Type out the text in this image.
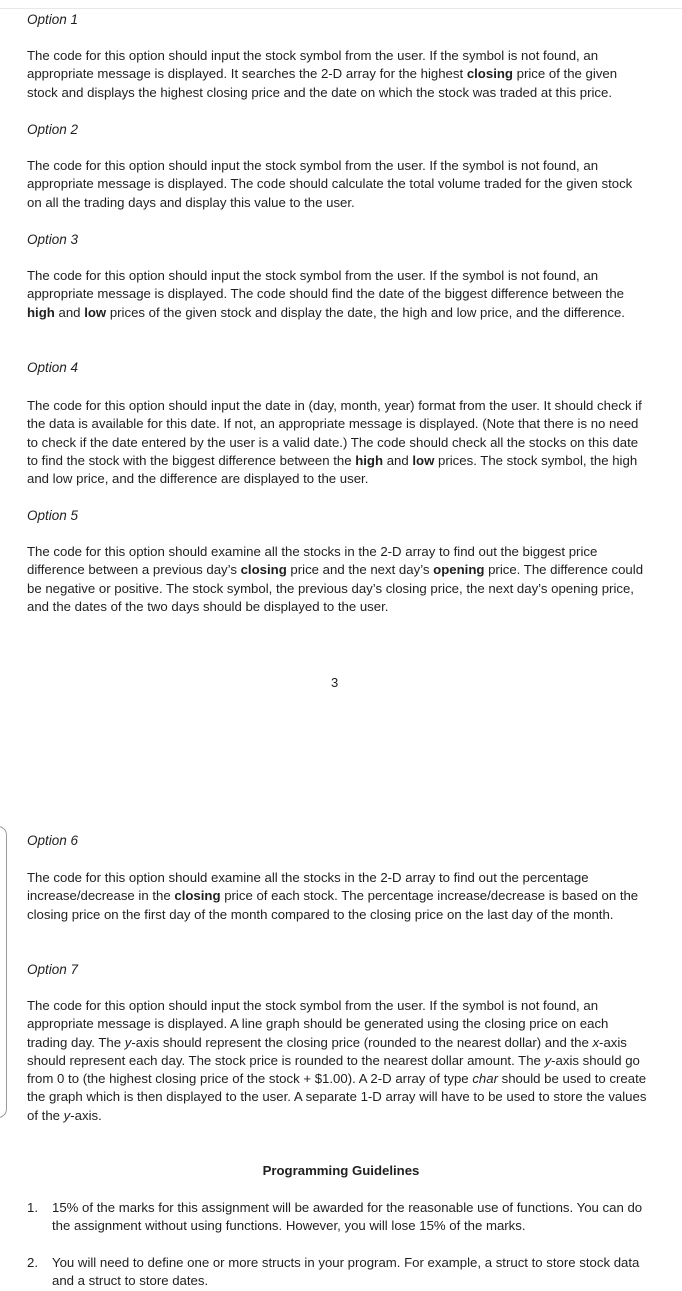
Option 1

The code for this option should input the stock symbol from the user. If the symbol is not found, an appropriate message is displayed. It searches the 2-D array for the highest closing price of the given stock and displays the highest closing price and the date on which the stock was traded at this price.

Option 2

The code for this option should input the stock symbol from the user. If the symbol is not found, an appropriate message is displayed. The code should calculate the total volume traded for the given stock on all the trading days and display this value to the user.

Option 3

The code for this option should input the stock symbol from the user. If the symbol is not found, an appropriate message is displayed. The code should find the date of the biggest difference between the high and low prices of the given stock and display the date, the high and low price, and the difference.

Option 4

The code for this option should input the date in (day, month, year) format from the user. It should check if the data is available for this date. If not, an appropriate message is displayed. (Note that there is no need to check if the date entered by the user is a valid date.) The code should check all the stocks on this date to find the stock with the biggest difference between the high and low prices. The stock symbol, the high and low price, and the difference are displayed to the user.

Option 5

The code for this option should examine all the stocks in the 2-D array to find out the biggest price difference between a previous day’s closing price and the next day’s opening price. The difference could be negative or positive. The stock symbol, the previous day’s closing price, the next day’s opening price, and the dates of the two days should be displayed to the user.

3
Option 6

The code for this option should examine all the stocks in the 2-D array to find out the percentage increase/decrease in the closing price of each stock. The percentage increase/decrease is based on the closing price on the first day of the month compared to the closing price on the last day of the month.

Option 7

The code for this option should input the stock symbol from the user. If the symbol is not found, an appropriate message is displayed. A line graph should be generated using the closing price on each trading day. The y-axis should represent the closing price (rounded to the nearest dollar) and the x-axis should represent each day. The stock price is rounded to the nearest dollar amount. The y-axis should go from 0 to (the highest closing price of the stock + $1.00). A 2-D array of type char should be used to create the graph which is then displayed to the user. A separate 1-D array will have to be used to store the values of the y-axis.

Programming Guidelines
1. 15% of the marks for this assignment will be awarded for the reasonable use of functions. You can do the assignment without using functions. However, you will lose 15% of the marks.
2. You will need to define one or more structs in your program. For example, a struct to store stock data and a struct to store dates.
